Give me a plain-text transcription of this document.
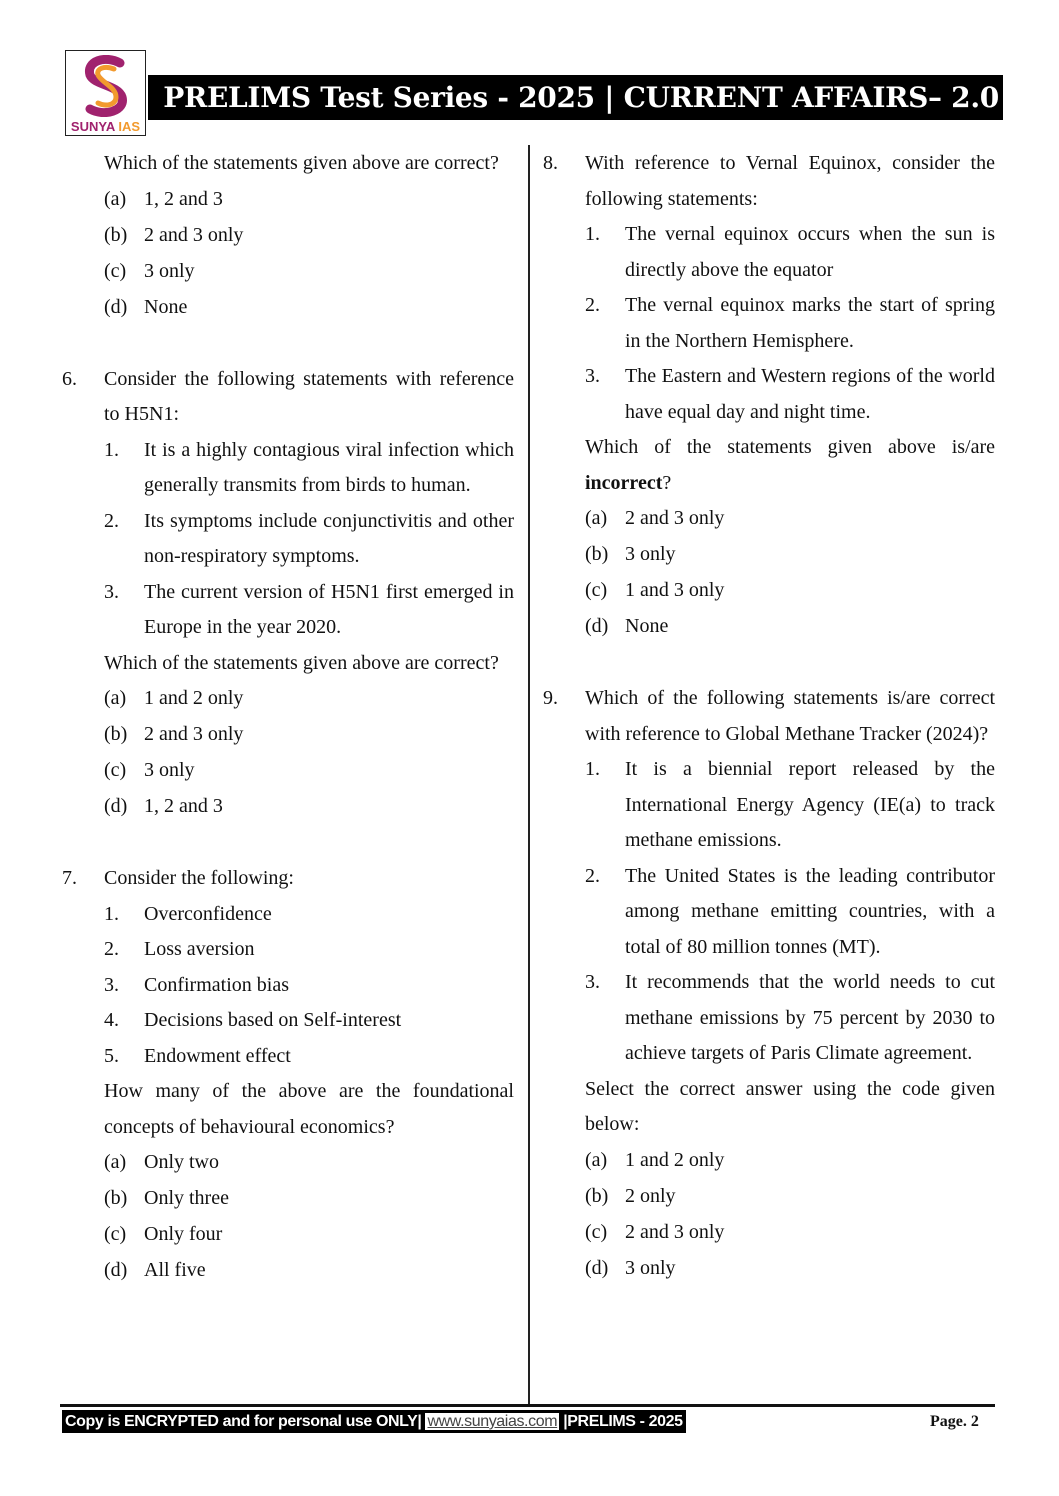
SUNYA IAS
PRELIMS Test Series - 2025 | CURRENT AFFAIRS– 2.0
Which of the statements given above are correct?
(a) 1, 2 and 3
(b) 2 and 3 only
(c) 3 only
(d) None
6. Consider the following statements with reference to H5N1:
1. It is a highly contagious viral infection which generally transmits from birds to human.
2. Its symptoms include conjunctivitis and other non-respiratory symptoms.
3. The current version of H5N1 first emerged in Europe in the year 2020.
Which of the statements given above are correct?
(a) 1 and 2 only
(b) 2 and 3 only
(c) 3 only
(d) 1, 2 and 3
7. Consider the following:
1. Overconfidence
2. Loss aversion
3. Confirmation bias
4. Decisions based on Self-interest
5. Endowment effect
How many of the above are the foundational concepts of behavioural economics?
(a) Only two
(b) Only three
(c) Only four
(d) All five
8. With reference to Vernal Equinox, consider the following statements:
1. The vernal equinox occurs when the sun is directly above the equator
2. The vernal equinox marks the start of spring in the Northern Hemisphere.
3. The Eastern and Western regions of the world have equal day and night time.
Which of the statements given above is/are incorrect?
(a) 2 and 3 only
(b) 3 only
(c) 1 and 3 only
(d) None
9. Which of the following statements is/are correct with reference to Global Methane Tracker (2024)?
1. It is a biennial report released by the International Energy Agency (IE(a) to track methane emissions.
2. The United States is the leading contributor among methane emitting countries, with a total of 80 million tonnes (MT).
3. It recommends that the world needs to cut methane emissions by 75 percent by 2030 to achieve targets of Paris Climate agreement.
Select the correct answer using the code given below:
(a) 1 and 2 only
(b) 2 only
(c) 2 and 3 only
(d) 3 only
Copy is ENCRYPTED and for personal use ONLY| www.sunyaias.com |PRELIMS - 2025	Page. 2
